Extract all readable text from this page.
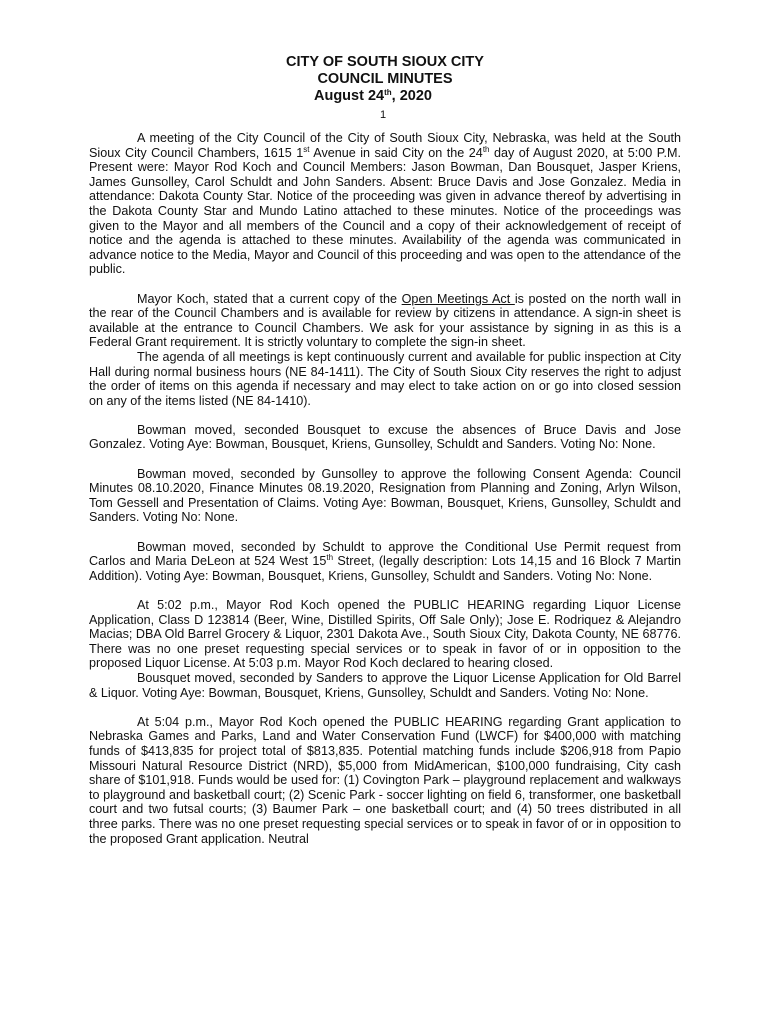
CITY OF SOUTH SIOUX CITY
COUNCIL MINUTES
August 24th, 2020
1

A meeting of the City Council of the City of South Sioux City, Nebraska, was held at the South Sioux City Council Chambers, 1615 1st Avenue in said City on the 24th day of August 2020, at 5:00 P.M. Present were: Mayor Rod Koch and Council Members: Jason Bowman, Dan Bousquet, Jasper Kriens, James Gunsolley, Carol Schuldt and John Sanders. Absent: Bruce Davis and Jose Gonzalez. Media in attendance: Dakota County Star. Notice of the proceeding was given in advance thereof by advertising in the Dakota County Star and Mundo Latino attached to these minutes. Notice of the proceedings was given to the Mayor and all members of the Council and a copy of their acknowledgement of receipt of notice and the agenda is attached to these minutes. Availability of the agenda was communicated in advance notice to the Media, Mayor and Council of this proceeding and was open to the attendance of the public.

Mayor Koch, stated that a current copy of the Open Meetings Act is posted on the north wall in the rear of the Council Chambers and is available for review by citizens in attendance. A sign-in sheet is available at the entrance to Council Chambers. We ask for your assistance by signing in as this is a Federal Grant requirement. It is strictly voluntary to complete the sign-in sheet.

The agenda of all meetings is kept continuously current and available for public inspection at City Hall during normal business hours (NE 84-1411). The City of South Sioux City reserves the right to adjust the order of items on this agenda if necessary and may elect to take action on or go into closed session on any of the items listed (NE 84-1410).

Bowman moved, seconded Bousquet to excuse the absences of Bruce Davis and Jose Gonzalez. Voting Aye: Bowman, Bousquet, Kriens, Gunsolley, Schuldt and Sanders. Voting No: None.

Bowman moved, seconded by Gunsolley to approve the following Consent Agenda: Council Minutes 08.10.2020, Finance Minutes 08.19.2020, Resignation from Planning and Zoning, Arlyn Wilson, Tom Gessell and Presentation of Claims. Voting Aye: Bowman, Bousquet, Kriens, Gunsolley, Schuldt and Sanders. Voting No: None.

Bowman moved, seconded by Schuldt to approve the Conditional Use Permit request from Carlos and Maria DeLeon at 524 West 15th Street, (legally description: Lots 14,15 and 16 Block 7 Martin Addition). Voting Aye: Bowman, Bousquet, Kriens, Gunsolley, Schuldt and Sanders. Voting No: None.

At 5:02 p.m., Mayor Rod Koch opened the PUBLIC HEARING regarding Liquor License Application, Class D 123814 (Beer, Wine, Distilled Spirits, Off Sale Only); Jose E. Rodriquez & Alejandro Macias; DBA Old Barrel Grocery & Liquor, 2301 Dakota Ave., South Sioux City, Dakota County, NE 68776. There was no one preset requesting special services or to speak in favor of or in opposition to the proposed Liquor License. At 5:03 p.m. Mayor Rod Koch declared to hearing closed.

Bousquet moved, seconded by Sanders to approve the Liquor License Application for Old Barrel & Liquor. Voting Aye: Bowman, Bousquet, Kriens, Gunsolley, Schuldt and Sanders. Voting No: None.

At 5:04 p.m., Mayor Rod Koch opened the PUBLIC HEARING regarding Grant application to Nebraska Games and Parks, Land and Water Conservation Fund (LWCF) for $400,000 with matching funds of $413,835 for project total of $813,835. Potential matching funds include $206,918 from Papio Missouri Natural Resource District (NRD), $5,000 from MidAmerican, $100,000 fundraising, City cash share of $101,918. Funds would be used for: (1) Covington Park – playground replacement and walkways to playground and basketball court; (2) Scenic Park - soccer lighting on field 6, transformer, one basketball court and two futsal courts; (3) Baumer Park – one basketball court; and (4) 50 trees distributed in all three parks. There was no one preset requesting special services or to speak in favor of or in opposition to the proposed Grant application. Neutral
